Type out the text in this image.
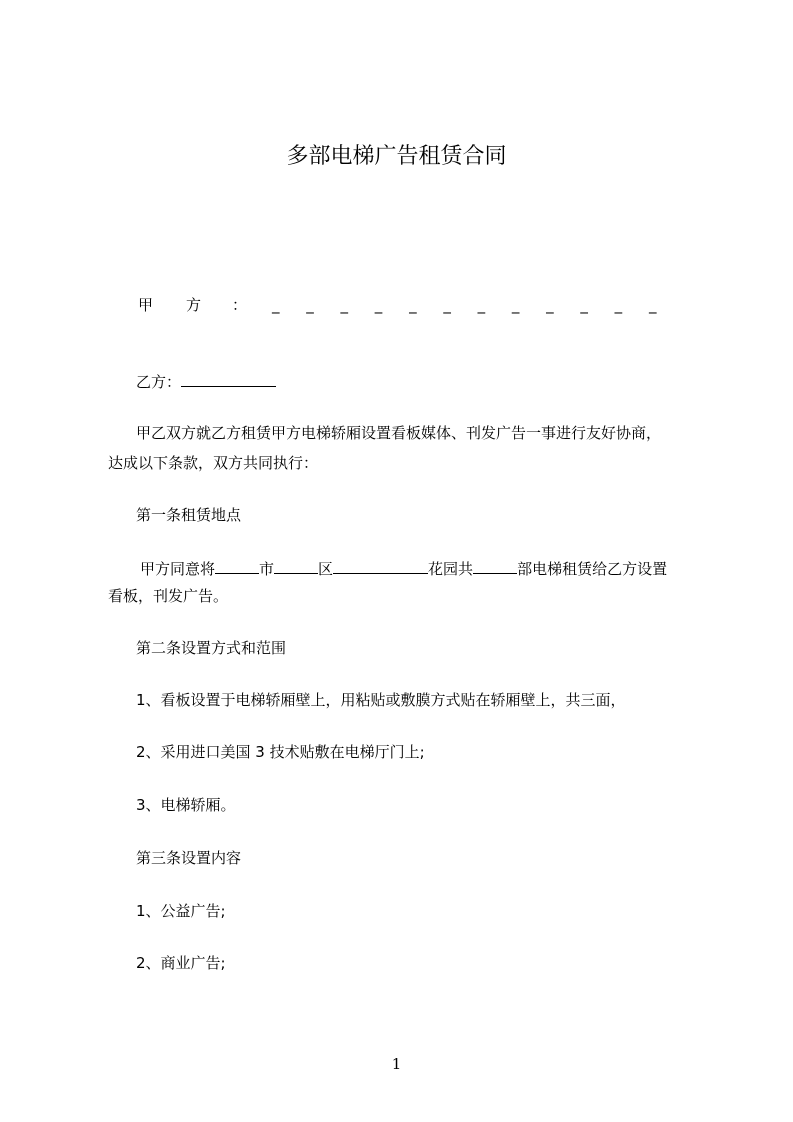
多部电梯广告租赁合同
甲 方 ： _ _ _ _ _ _ _ _ _ _ _ _
乙方：
甲乙双方就乙方租赁甲方电梯轿厢设置看板媒体、刊发广告一事进行友好协商，
达成以下条款，双方共同执行：
第一条租赁地点
甲方同意将	市	区	花园共	部电梯租赁给乙方设置
看板，刊发广告。
第二条设置方式和范围
1、看板设置于电梯轿厢壁上，用粘贴或敷膜方式贴在轿厢壁上，共三面，
2、采用进口美国 3 技术贴敷在电梯厅门上;
3、电梯轿厢。
第三条设置内容
1、公益广告;
2、商业广告;
1
